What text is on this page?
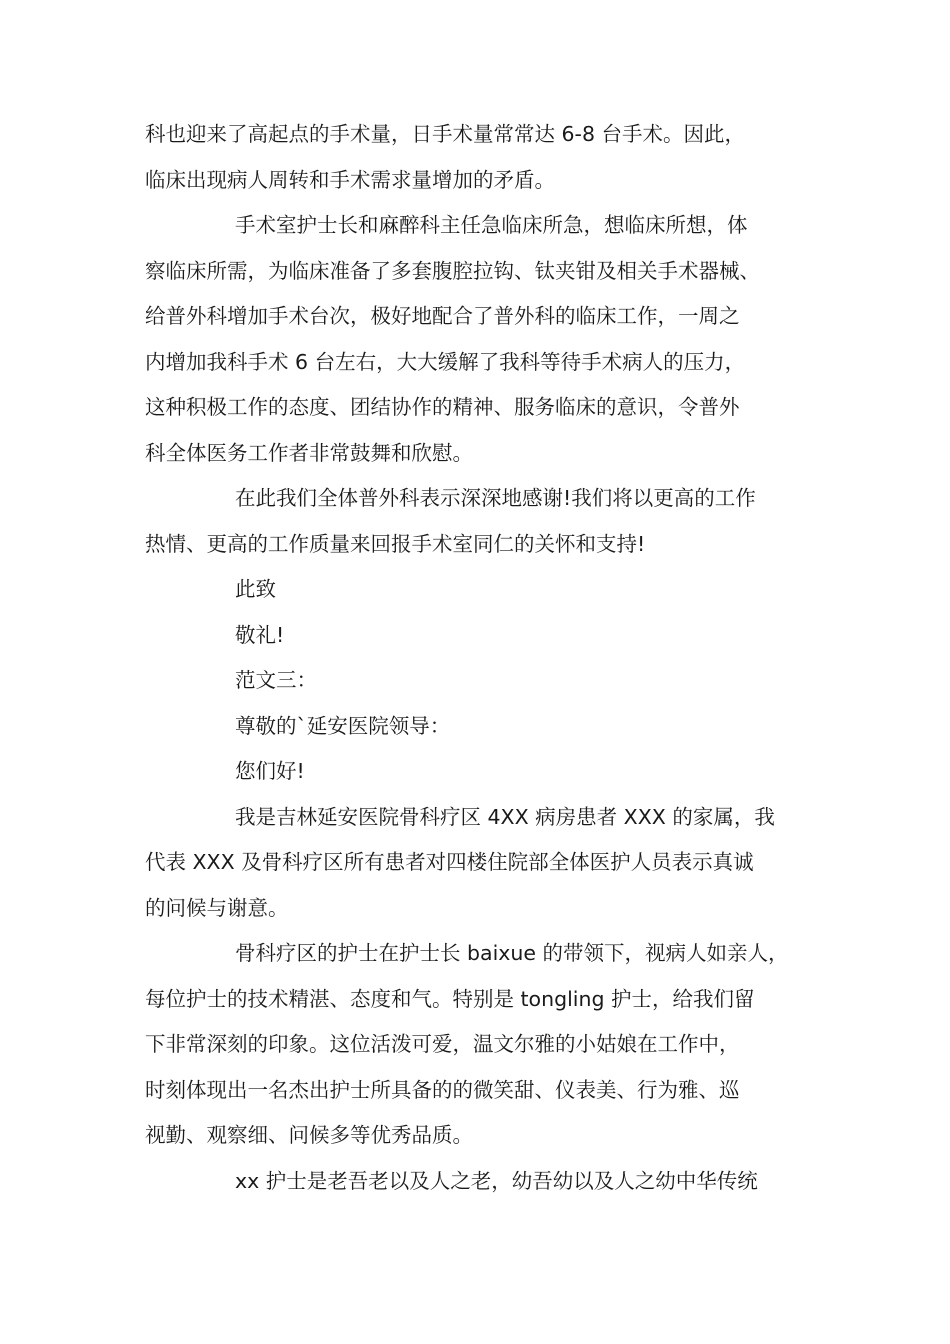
科也迎来了高起点的手术量，日手术量常常达 6-8 台手术。因此，
临床出现病人周转和手术需求量增加的矛盾。
手术室护士长和麻醉科主任急临床所急，想临床所想，体
察临床所需，为临床准备了多套腹腔拉钩、钛夹钳及相关手术器械、
给普外科增加手术台次，极好地配合了普外科的临床工作，一周之
内增加我科手术 6 台左右，大大缓解了我科等待手术病人的压力，
这种积极工作的态度、团结协作的精神、服务临床的意识，令普外
科全体医务工作者非常鼓舞和欣慰。
在此我们全体普外科表示深深地感谢!我们将以更高的工作
热情、更高的工作质量来回报手术室同仁的关怀和支持!
此致
敬礼!
范文三：
尊敬的`延安医院领导：
您们好!
我是吉林延安医院骨科疗区 4XX 病房患者 XXX 的家属，我
代表 XXX 及骨科疗区所有患者对四楼住院部全体医护人员表示真诚
的问候与谢意。
骨科疗区的护士在护士长 baixue 的带领下，视病人如亲人，
每位护士的技术精湛、态度和气。特别是 tongling 护士，给我们留
下非常深刻的印象。这位活泼可爱，温文尔雅的小姑娘在工作中，
时刻体现出一名杰出护士所具备的的微笑甜、仪表美、行为雅、巡
视勤、观察细、问候多等优秀品质。
xx 护士是老吾老以及人之老，幼吾幼以及人之幼中华传统
